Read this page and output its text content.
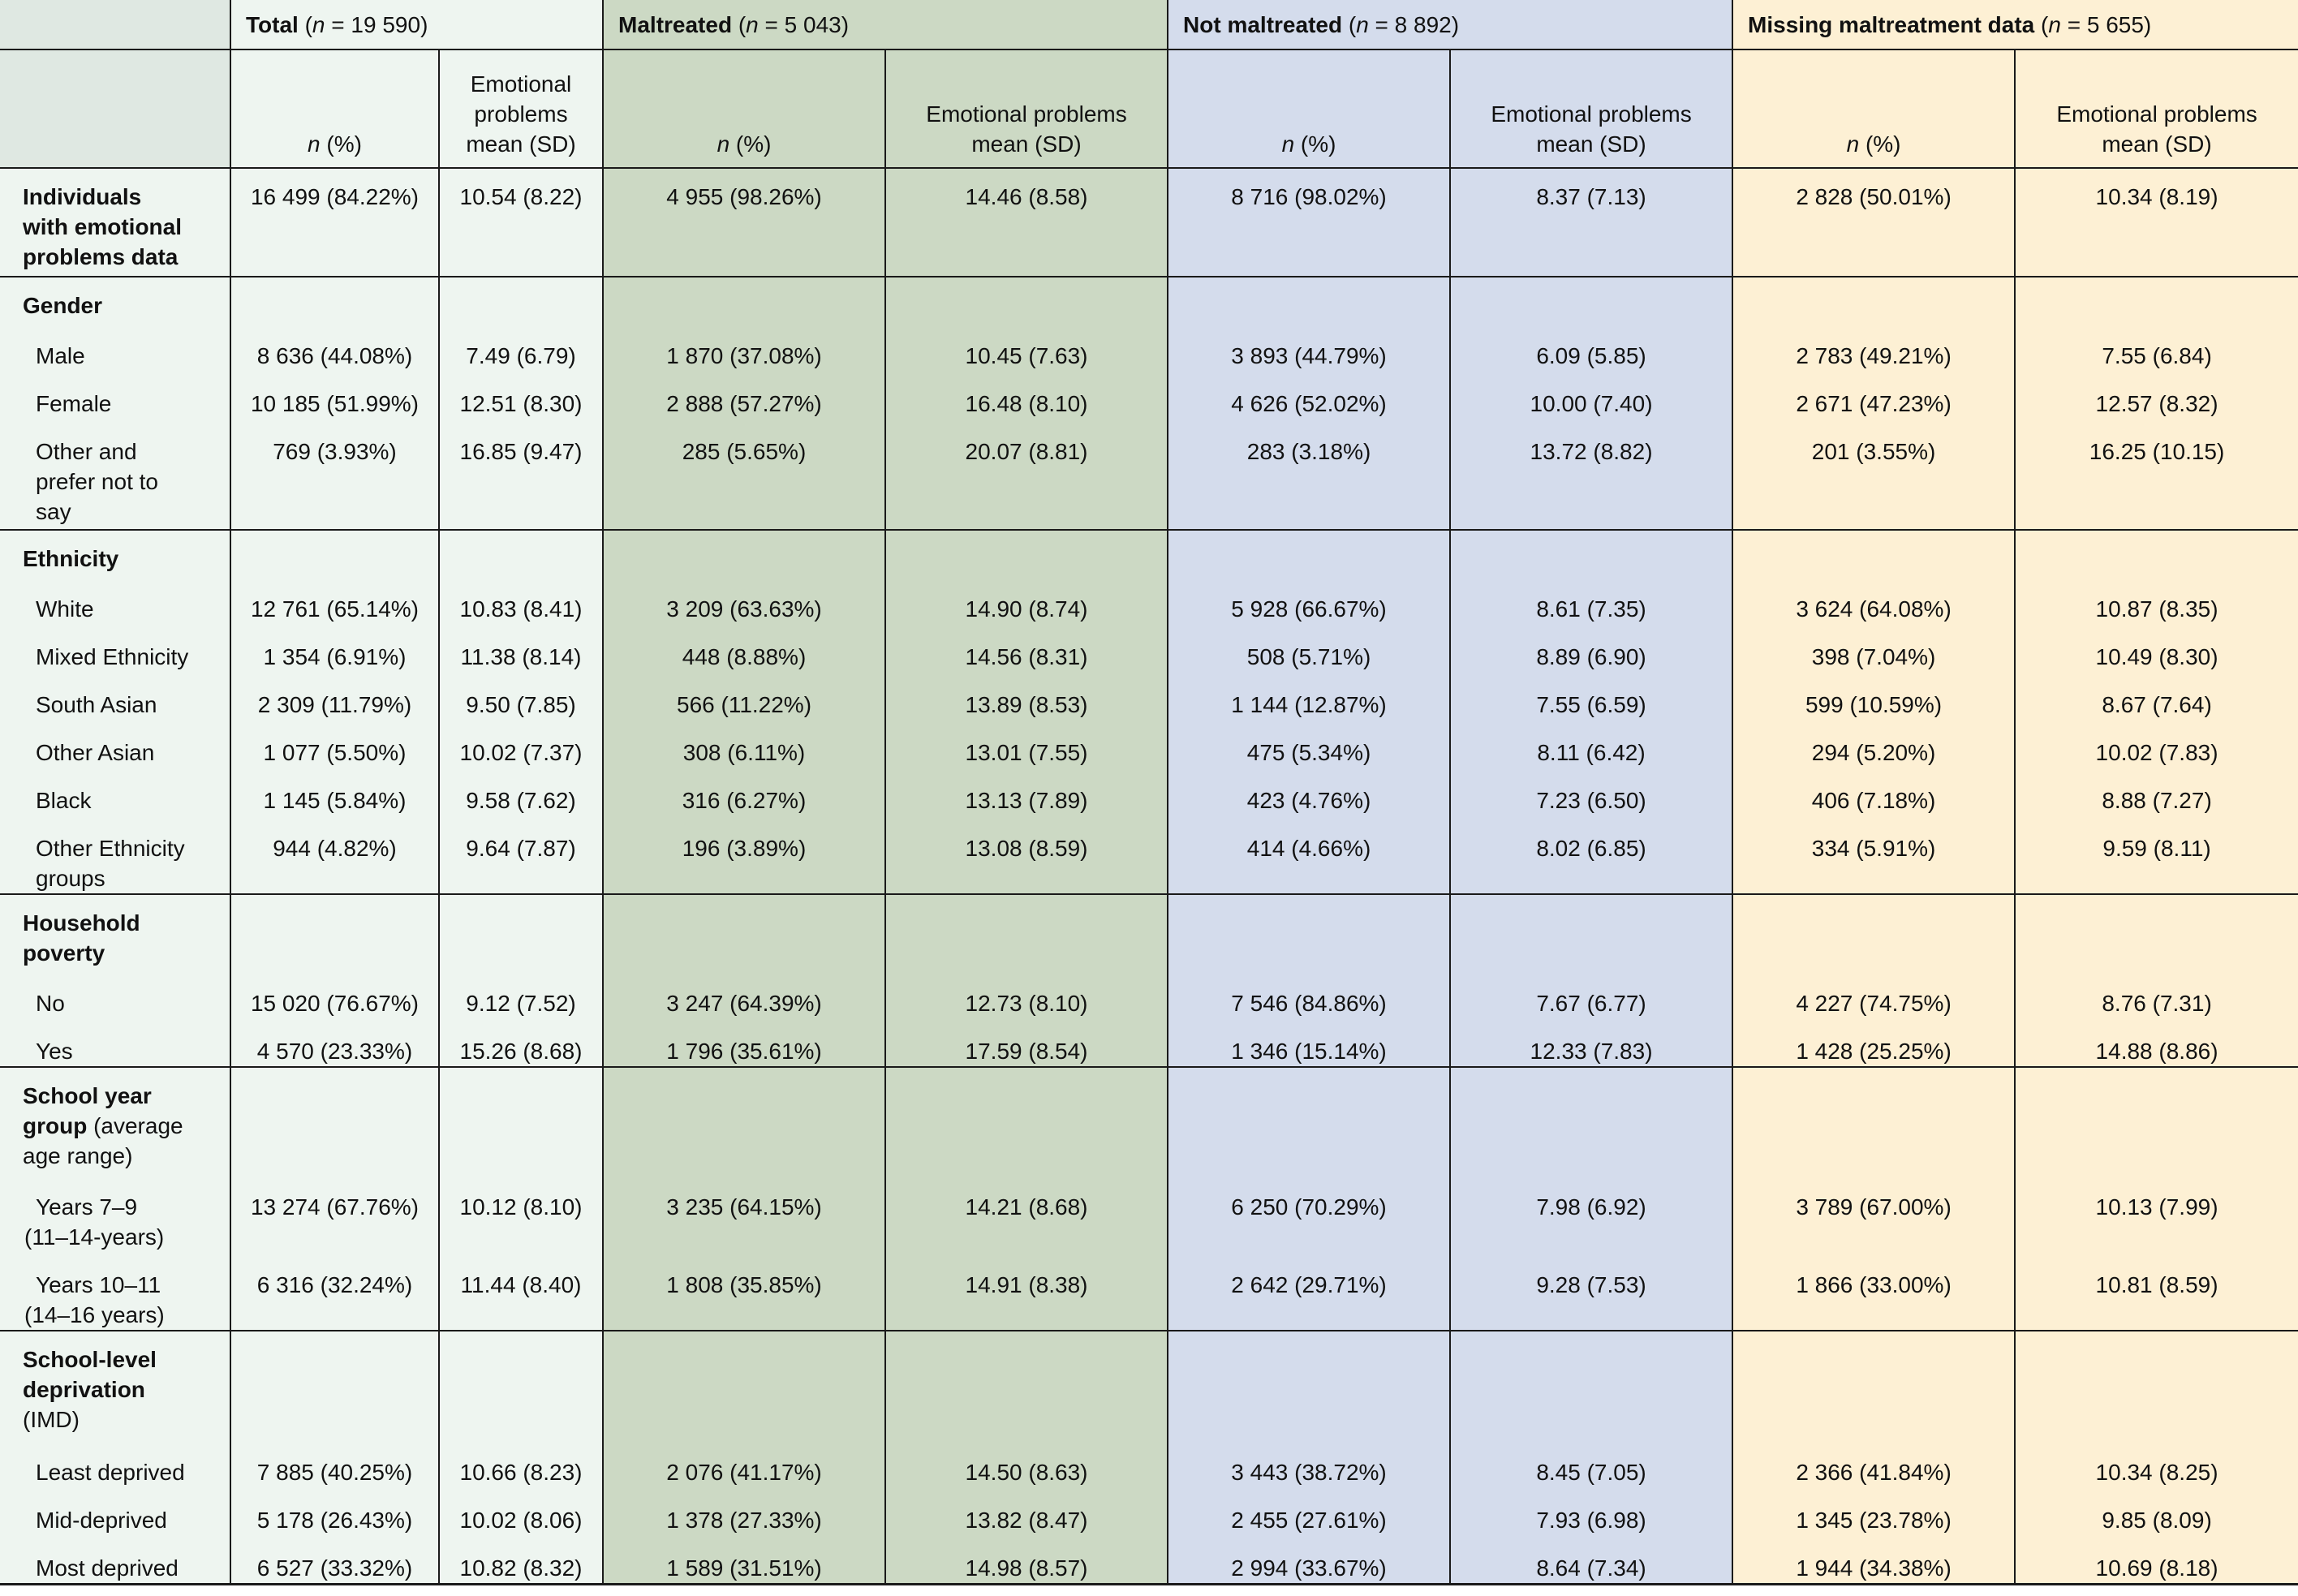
	Total (n = 19 590)		Maltreated (n = 5 043)		Not maltreated (n = 8 892)		Missing maltreatment data (n = 5 655)	
	n (%)	Emotional
problems
mean (SD)	n (%)	Emotional problems
mean (SD)	n (%)	Emotional problems
mean (SD)	n (%)	Emotional problems
mean (SD)
Individuals
with emotional
problems data	16 499 (84.22%)	10.54 (8.22)	4 955 (98.26%)	14.46 (8.58)	8 716 (98.02%)	8.37 (7.13)	2 828 (50.01%)	10.34 (8.19)
Gender								
Male	8 636 (44.08%)	7.49 (6.79)	1 870 (37.08%)	10.45 (7.63)	3 893 (44.79%)	6.09 (5.85)	2 783 (49.21%)	7.55 (6.84)
Female	10 185 (51.99%)	12.51 (8.30)	2 888 (57.27%)	16.48 (8.10)	4 626 (52.02%)	10.00 (7.40)	2 671 (47.23%)	12.57 (8.32)
Other and
prefer not to
say	769 (3.93%)	16.85 (9.47)	285 (5.65%)	20.07 (8.81)	283 (3.18%)	13.72 (8.82)	201 (3.55%)	16.25 (10.15)
Ethnicity								
White	12 761 (65.14%)	10.83 (8.41)	3 209 (63.63%)	14.90 (8.74)	5 928 (66.67%)	8.61 (7.35)	3 624 (64.08%)	10.87 (8.35)
Mixed Ethnicity	1 354 (6.91%)	11.38 (8.14)	448 (8.88%)	14.56 (8.31)	508 (5.71%)	8.89 (6.90)	398 (7.04%)	10.49 (8.30)
South Asian	2 309 (11.79%)	9.50 (7.85)	566 (11.22%)	13.89 (8.53)	1 144 (12.87%)	7.55 (6.59)	599 (10.59%)	8.67 (7.64)
Other Asian	1 077 (5.50%)	10.02 (7.37)	308 (6.11%)	13.01 (7.55)	475 (5.34%)	8.11 (6.42)	294 (5.20%)	10.02 (7.83)
Black	1 145 (5.84%)	9.58 (7.62)	316 (6.27%)	13.13 (7.89)	423 (4.76%)	7.23 (6.50)	406 (7.18%)	8.88 (7.27)
Other Ethnicity
groups	944 (4.82%)	9.64 (7.87)	196 (3.89%)	13.08 (8.59)	414 (4.66%)	8.02 (6.85)	334 (5.91%)	9.59 (8.11)
Household
poverty								
No	15 020 (76.67%)	9.12 (7.52)	3 247 (64.39%)	12.73 (8.10)	7 546 (84.86%)	7.67 (6.77)	4 227 (74.75%)	8.76 (7.31)
Yes	4 570 (23.33%)	15.26 (8.68)	1 796 (35.61%)	17.59 (8.54)	1 346 (15.14%)	12.33 (7.83)	1 428 (25.25%)	14.88 (8.86)
School year
group (average
age range)								
Years 7–9
(11–14-years)	13 274 (67.76%)	10.12 (8.10)	3 235 (64.15%)	14.21 (8.68)	6 250 (70.29%)	7.98 (6.92)	3 789 (67.00%)	10.13 (7.99)
Years 10–11
(14–16 years)	6 316 (32.24%)	11.44 (8.40)	1 808 (35.85%)	14.91 (8.38)	2 642 (29.71%)	9.28 (7.53)	1 866 (33.00%)	10.81 (8.59)
School-level
deprivation
(IMD)								
Least deprived	7 885 (40.25%)	10.66 (8.23)	2 076 (41.17%)	14.50 (8.63)	3 443 (38.72%)	8.45 (7.05)	2 366 (41.84%)	10.34 (8.25)
Mid-deprived	5 178 (26.43%)	10.02 (8.06)	1 378 (27.33%)	13.82 (8.47)	2 455 (27.61%)	7.93 (6.98)	1 345 (23.78%)	9.85 (8.09)
Most deprived	6 527 (33.32%)	10.82 (8.32)	1 589 (31.51%)	14.98 (8.57)	2 994 (33.67%)	8.64 (7.34)	1 944 (34.38%)	10.69 (8.18)
